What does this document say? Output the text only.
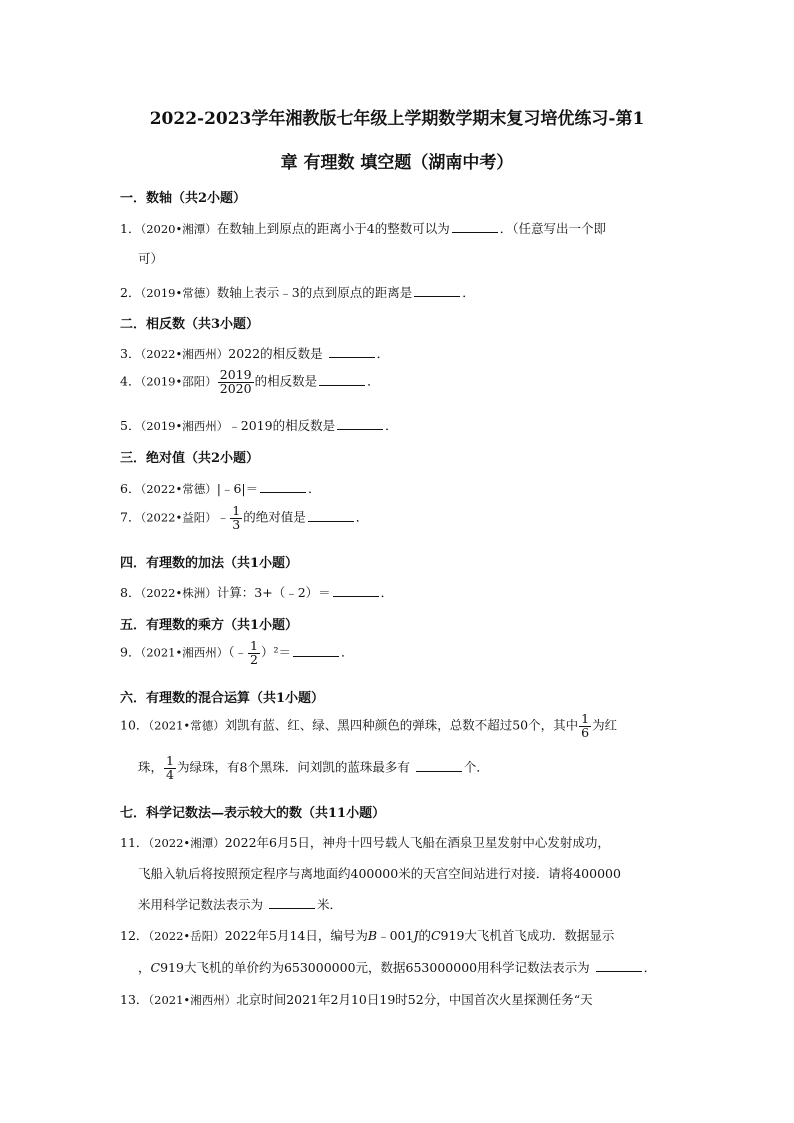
2022-2023学年湘教版七年级上学期数学期末复习培优练习-第1
章 有理数 填空题（湖南中考）
一．数轴（共2小题）
1．（2020•湘潭）在数轴上到原点的距离小于4的整数可以为	．（任意写出一个即
可）
2．（2019•常德）数轴上表示﹣3的点到原点的距离是	．
二．相反数（共3小题）
3．（2022•湘西州）2022的相反数是	．
4．（2019•邵阳） $\frac{2019}{2020}$ 的相反数是	．
5．（2019•湘西州）﹣2019的相反数是	．
三．绝对值（共2小题）
6．（2022•常德）|﹣6|＝	．
7．（2022•益阳）﹣ $\frac{1}{3}$ 的绝对值是	．
四．有理数的加法（共1小题）
8．（2022•株洲）计算：3+（﹣2）＝	．
五．有理数的乘方（共1小题）
9．（2021•湘西州）（﹣ $\frac{1}{2} )^2=$	．
六．有理数的混合运算（共1小题）
10．（2021•常德）刘凯有蓝、红、绿、黑四种颜色的弹珠，总数不超过50个，其中 $\frac{1}{6}$ 为红
珠， $\frac{1}{4}$ 为绿珠，有8个黑珠．问刘凯的蓝珠最多有	个．
七．科学记数法—表示较大的数（共11小题）
11．（2022•湘潭）2022年6月5日，神舟十四号载人飞船在酒泉卫星发射中心发射成功，
飞船入轨后将按照预定程序与离地面约400000米的天宫空间站进行对接．请将400000
米用科学记数法表示为	米．
12．（2022•岳阳）2022年5月14日，编号为B﹣001J的C919大飞机首飞成功．数据显示
，C919大飞机的单价约为653000000元，数据653000000用科学记数法表示为	．
13．（2021•湘西州）北京时间2021年2月10日19时52分，中国首次火星探测任务“天
